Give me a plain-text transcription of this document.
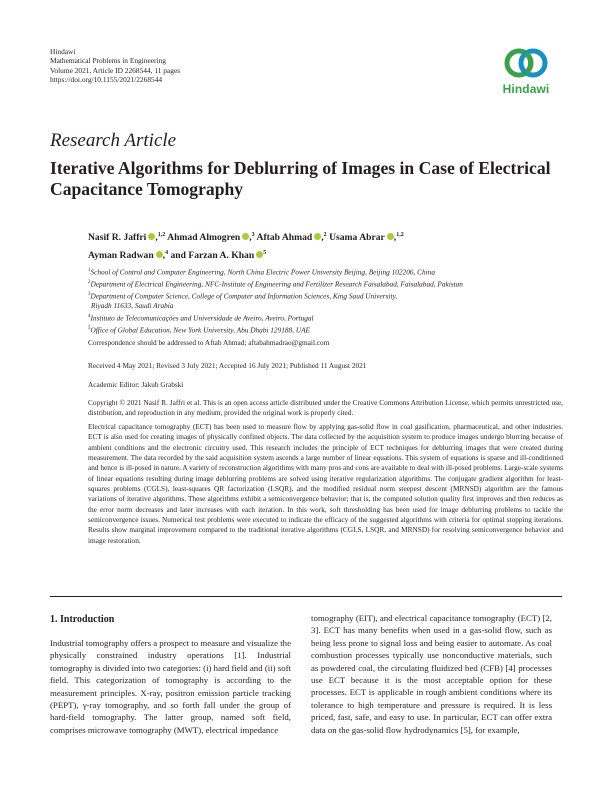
Hindawi
Mathematical Problems in Engineering
Volume 2021, Article ID 2268544, 11 pages
https://doi.org/10.1155/2021/2268544
Hindawi
Research Article
Iterative Algorithms for Deblurring of Images in Case of Electrical Capacitance Tomography
Nasif R. Jaffri ,$^{1,2}$ Ahmad Almogren ,$^3$ Aftab Ahmad ,$^2$ Usama Abrar ,$^{1,2}$
Ayman Radwan ,$^4$ and Farzan A. Khan $^5$
$^1$School of Control and Computer Engineering, North China Electric Power University Beijing, Beijing 102206, China
$^2$Department of Electrical Engineering, NFC-Institute of Engineering and Fertilizer Research Faisalabad, Faisalabad, Pakistan
$^3$Department of Computer Science, College of Computer and Information Sciences, King Saud University,
Riyadh 11633, Saudi Arabia
$^4$Instituto de Telecomunicações and Universidade de Aveiro, Aveiro, Portugal
$^5$Office of Global Education, New York University, Abu Dhabi 129188, UAE
Correspondence should be addressed to Aftab Ahmad; aftabahmadrao@gmail.com
Received 4 May 2021; Revised 3 July 2021; Accepted 16 July 2021; Published 11 August 2021
Academic Editor: Jakub Grabski
Copyright © 2021 Nasif R. Jaffri et al. This is an open access article distributed under the Creative Commons Attribution License, which permits unrestricted use, distribution, and reproduction in any medium, provided the original work is properly cited.
Electrical capacitance tomography (ECT) has been used to measure flow by applying gas-solid flow in coal gasification, pharmaceutical, and other industries. ECT is also used for creating images of physically confined objects. The data collected by the acquisition system to produce images undergo blurring because of ambient conditions and the electronic circuitry used. This research includes the principle of ECT techniques for deblurring images that were created during measurement. The data recorded by the said acquisition system ascends a large number of linear equations. This system of equations is sparse and ill-conditioned and hence is ill-posed in nature. A variety of reconstruction algorithms with many pros and cons are available to deal with ill-posed problems. Large-scale systems of linear equations resulting during image deblurring problems are solved using iterative regularization algorithms. The conjugate gradient algorithm for least-squares problems (CGLS), least-squares QR factorization (LSQR), and the modified residual norm steepest descent (MRNSD) algorithm are the famous variations of iterative algorithms. These algorithms exhibit a semiconvergence behavior; that is, the computed solution quality first improves and then reduces as the error norm decreases and later increases with each iteration. In this work, soft thresholding has been used for image deblurring problems to tackle the semiconvergence issues. Numerical test problems were executed to indicate the efficacy of the suggested algorithms with criteria for optimal stopping iterations. Results show marginal improvement compared to the traditional iterative algorithms (CGLS, LSQR, and MRNSD) for resolving semiconvergence behavior and image restoration.
1. Introduction

Industrial tomography offers a prospect to measure and visualize the physically constrained industry operations [1]. Industrial tomography is divided into two categories: (i) hard field and (ii) soft field. This categorization of tomography is according to the measurement principles. X-ray, positron emission particle tracking (PEPT), γ-ray tomography, and so forth fall under the group of hard-field tomography. The latter group, named soft field, comprises microwave tomography (MWT), electrical impedance

tomography (EIT), and electrical capacitance tomography (ECT) [2, 3]. ECT has many benefits when used in a gas-solid flow, such as being less prone to signal loss and being easier to automate. As coal combustion processes typically use nonconductive materials, such as powdered coal, the circulating fluidized bed (CFB) [4] processes use ECT because it is the most acceptable option for these processes. ECT is applicable in rough ambient conditions where its tolerance to high temperature and pressure is required. It is less priced, fast, safe, and easy to use. In particular, ECT can offer extra data on the gas-solid flow hydrodynamics [5], for example,
